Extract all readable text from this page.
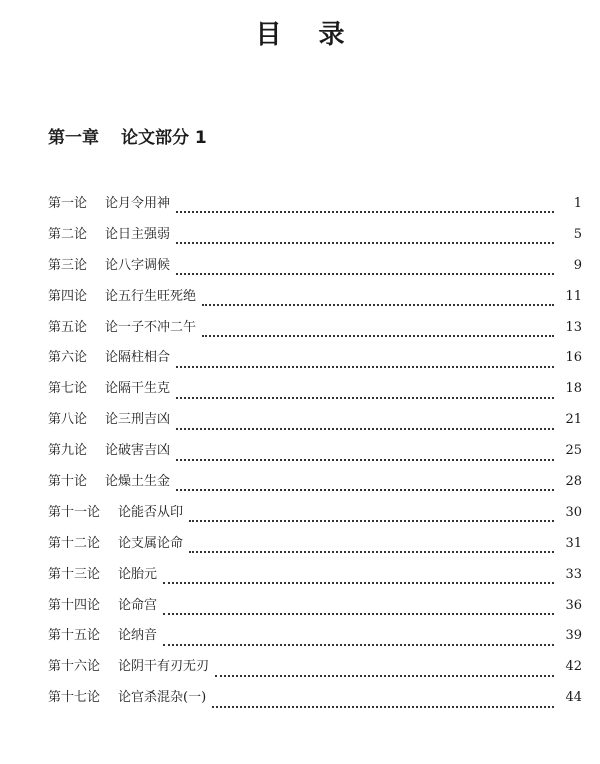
目 录
第一章 论文部分 1
第一论 论月令用神	1
第二论 论日主强弱	5
第三论 论八字调候	9
第四论 论五行生旺死绝	11
第五论 论一子不冲二午	13
第六论 论隔柱相合	16
第七论 论隔干生克	18
第八论 论三刑吉凶	21
第九论 论破害吉凶	25
第十论 论燥土生金	28
第十一论 论能否从印	30
第十二论 论支属论命	31
第十三论 论胎元	33
第十四论 论命宫	36
第十五论 论纳音	39
第十六论 论阴干有刃无刃	42
第十七论 论官杀混杂(一)	44
